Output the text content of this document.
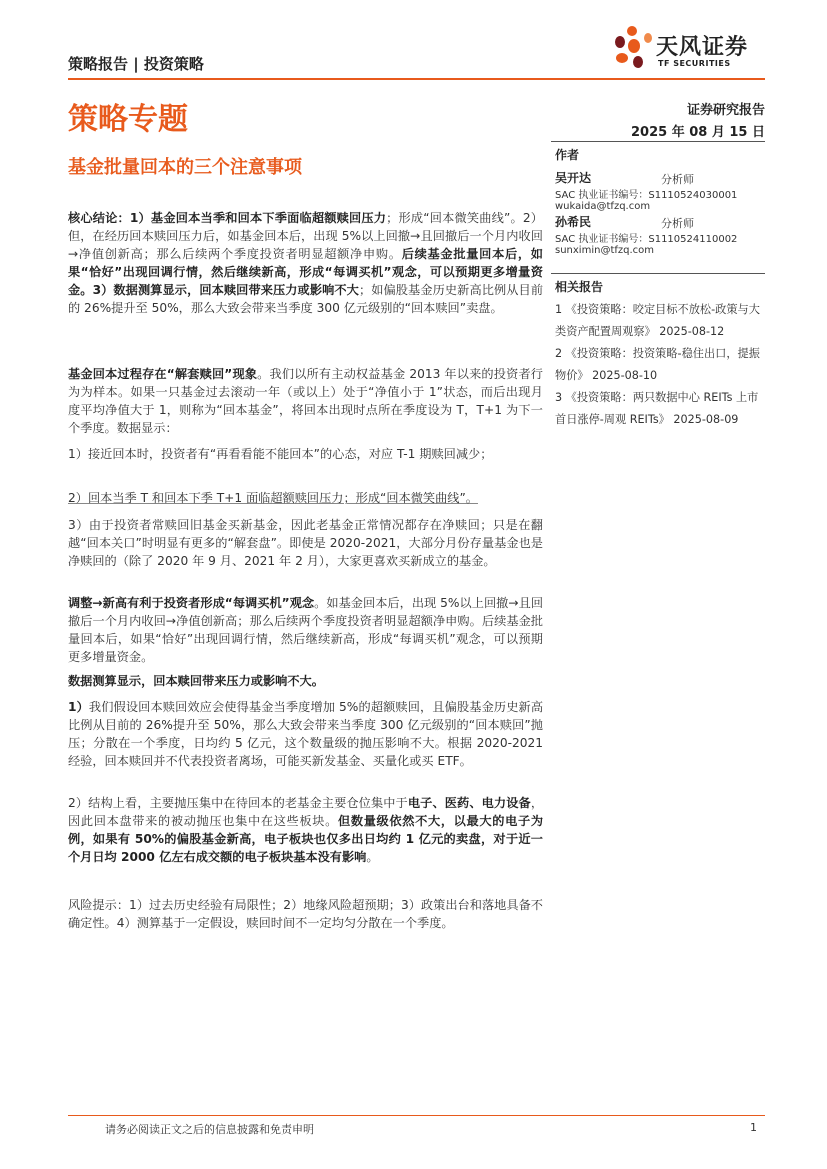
策略报告 | 投资策略
天风证券
TF SECURITIES
策略专题	证券研究报告
2025 年 08 月 15 日
基金批量回本的三个注意事项
作者
吴开达	分析师
SAC 执业证书编号：S1110524030001
wukaida@tfzq.com
孙希民	分析师
SAC 执业证书编号：S1110524110002
sunximin@tfzq.com
相关报告
1 《投资策略：咬定目标不放松-政策与大类资产配置周观察》 2025-08-12
2 《投资策略：投资策略-稳住出口，提振物价》 2025-08-10
3 《投资策略：两只数据中心 REITs 上市首日涨停-周观 REITs》 2025-08-09

核心结论：1）基金回本当季和回本下季面临超额赎回压力；形成“回本微笑曲线”。2）但，在经历回本赎回压力后，如基金回本后，出现 5%以上回撤→且回撤后一个月内收回→净值创新高；那么后续两个季度投资者明显超额净申购。后续基金批量回本后，如果“恰好”出现回调行情，然后继续新高，形成“每调买机”观念，可以预期更多增量资金。3）数据测算显示，回本赎回带来压力或影响不大；如偏股基金历史新高比例从目前的 26%提升至 50%，那么大致会带来当季度 300 亿元级别的“回本赎回”卖盘。

基金回本过程存在“解套赎回”现象。我们以所有主动权益基金 2013 年以来的投资者行为为样本。如果一只基金过去滚动一年（或以上）处于“净值小于 1”状态，而后出现月度平均净值大于 1，则称为“回本基金”，将回本出现时点所在季度设为 T，T+1 为下一个季度。数据显示：

1）接近回本时，投资者有“再看看能不能回本”的心态，对应 T-1 期赎回减少；
2）回本当季 T 和回本下季 T+1 面临超额赎回压力；形成“回本微笑曲线”。
3）由于投资者常赎回旧基金买新基金，因此老基金正常情况都存在净赎回；只是在翻越“回本关口”时明显有更多的“解套盘”。即使是 2020-2021，大部分月份存量基金也是净赎回的（除了 2020 年 9 月、2021 年 2 月），大家更喜欢买新成立的基金。

调整→新高有利于投资者形成“每调买机”观念。如基金回本后，出现 5%以上回撤→且回撤后一个月内收回→净值创新高；那么后续两个季度投资者明显超额净申购。后续基金批量回本后，如果“恰好”出现回调行情，然后继续新高，形成“每调买机”观念，可以预期更多增量资金。

数据测算显示，回本赎回带来压力或影响不大。

1）我们假设回本赎回效应会使得基金当季度增加 5%的超额赎回，且偏股基金历史新高比例从目前的 26%提升至 50%，那么大致会带来当季度 300 亿元级别的“回本赎回”抛压；分散在一个季度，日均约 5 亿元，这个数量级的抛压影响不大。根据 2020-2021 经验，回本赎回并不代表投资者离场，可能买新发基金、买量化或买 ETF。

2）结构上看，主要抛压集中在待回本的老基金主要仓位集中于电子、医药、电力设备，因此回本盘带来的被动抛压也集中在这些板块。但数量级依然不大，以最大的电子为例，如果有 50%的偏股基金新高，电子板块也仅多出日均约 1 亿元的卖盘，对于近一个月日均 2000 亿左右成交额的电子板块基本没有影响。

风险提示：1）过去历史经验有局限性；2）地缘风险超预期；3）政策出台和落地具备不确定性。4）测算基于一定假设，赎回时间不一定均匀分散在一个季度。
请务必阅读正文之后的信息披露和免责申明	1
